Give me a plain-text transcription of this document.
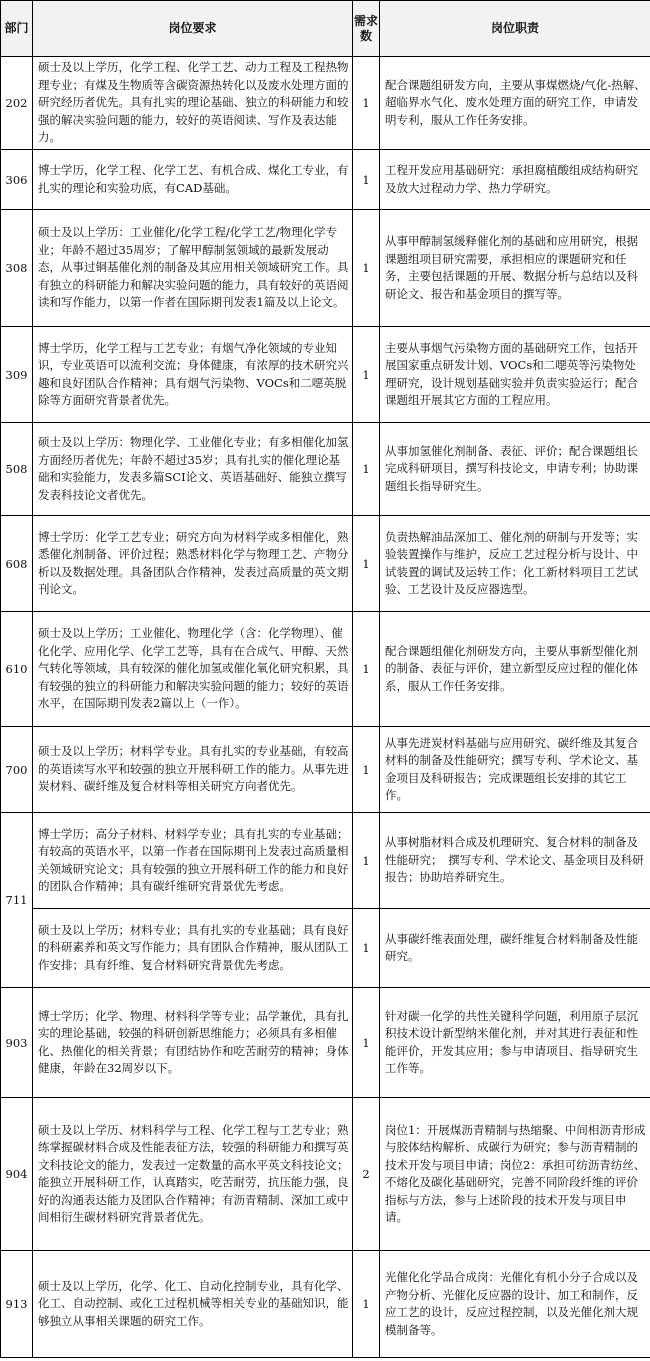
部门	岗位要求	需求数	岗位职责
202	硕士及以上学历，化学工程、化学工艺、动力工程及工程热物理专业；有煤及生物质等含碳资源热转化以及废水处理方面的研究经历者优先。具有扎实的理论基础、独立的科研能力和较强的解决实验问题的能力，较好的英语阅读、写作及表达能力。	1	配合课题组研发方向，主要从事煤燃烧/气化-热解、超临界水气化、废水处理方面的研究工作，申请发明专利，服从工作任务安排。
306	博士学历，化学工程、化学工艺、有机合成、煤化工专业，有扎实的理论和实验功底，有CAD基础。	1	工程开发应用基础研究：承担腐植酸组成结构研究及放大过程动力学、热力学研究。
308	硕士及以上学历：工业催化/化学工程/化学工艺/物理化学专业；年龄不超过35周岁；了解甲醇制氢领域的最新发展动态，从事过铜基催化剂的制备及其应用相关领域研究工作。具有独立的科研能力和解决实验问题的能力，具有较好的英语阅读和写作能力，以第一作者在国际期刊发表1篇及以上论文。	1	从事甲醇制氢缓释催化剂的基础和应用研究，根据课题组项目研究需要，承担相应的课题研究和任务，主要包括课题的开展、数据分析与总结以及科研论文、报告和基金项目的撰写等。
309	博士学历，化学工程与工艺专业；有烟气净化领域的专业知识，专业英语可以流利交流；身体健康，有浓厚的技术研究兴趣和良好团队合作精神；具有烟气污染物、VOCs和二噁英脱除等方面研究背景者优先。	1	主要从事烟气污染物方面的基础研究工作，包括开展国家重点研发计划、VOCs和二噁英等污染物处理研究，设计规划基础实验并负责实验运行；配合课题组开展其它方面的工程应用。
508	硕士及以上学历：物理化学、工业催化专业；有多相催化加氢方面经历者优先；年龄不超过35岁；具有扎实的催化理论基础和实验能力，发表多篇SCI论文、英语基础好、能独立撰写发表科技论文者优先。	1	从事加氢催化剂制备、表征、评价；配合课题组长完成科研项目，撰写科技论文，申请专利；协助课题组长指导研究生。
608	博士学历：化学工艺专业；研究方向为材料学或多相催化，熟悉催化剂制备、评价过程；熟悉材料化学与物理工艺、产物分析以及数据处理。具备团队合作精神，发表过高质量的英文期刊论文。	1	负责热解油品深加工、催化剂的研制与开发等；实验装置操作与维护，反应工艺过程分析与设计、中试装置的调试及运转工作；化工新材料项目工艺试验、工艺设计及反应器选型。
610	硕士及以上学历；工业催化、物理化学（含：化学物理）、催化化学、应用化学、化学工艺等，具有在合成气、甲醇、天然气转化等领域，具有较深的催化加氢或催化氧化研究积累，具有较强的独立的科研能力和解决实验问题的能力；较好的英语水平，在国际期刊发表2篇以上（一作）。	1	配合课题组催化剂研发方向，主要从事新型催化剂的制备、表征与评价，建立新型反应过程的催化体系，服从工作任务安排。
700	硕士及以上学历；材料学专业。具有扎实的专业基础，有较高的英语读写水平和较强的独立开展科研工作的能力。从事先进炭材料、碳纤维及复合材料等相关研究方向者优先。	1	从事先进炭材料基础与应用研究、碳纤维及其复合材料的制备及性能研究；撰写专利、学术论文、基金项目及科研报告；完成课题组长安排的其它工作。
711	博士学历；高分子材料、材料学专业；具有扎实的专业基础；有较高的英语水平，以第一作者在国际期刊上发表过高质量相关领域研究论文；具有较强的独立开展科研工作的能力和良好的团队合作精神；具有碳纤维研究背景优先考虑。	1	从事树脂材料合成及机理研究、复合材料的制备及性能研究；　撰写专利、学术论文、基金项目及科研报告；协助培养研究生。
	硕士及以上学历；材料专业；具有扎实的专业基础；具有良好的科研素养和英文写作能力；具有团队合作精神，服从团队工作安排；具有纤维、复合材料研究背景优先考虑。	1	从事碳纤维表面处理，碳纤维复合材料制备及性能研究。
903	博士学历；化学、物理、材料科学等专业；品学兼优，具有扎实的理论基础，较强的科研创新思维能力；必须具有多相催化、热催化的相关背景；有团结协作和吃苦耐劳的精神；身体健康，年龄在32周岁以下。	1	针对碳一化学的共性关键科学问题，利用原子层沉积技术设计新型纳米催化剂，并对其进行表征和性能评价，开发其应用；参与申请项目、指导研究生工作等。
904	硕士及以上学历、材料科学与工程、化学工程与工艺专业；熟练掌握碳材料合成及性能表征方法，较强的科研能力和撰写英文科技论文的能力，发表过一定数量的高水平英文科技论文；能独立开展科研工作，认真踏实，吃苦耐劳，抗压能力强，良好的沟通表达能力及团队合作精神；有沥青精制、深加工或中间相衍生碳材料研究背景者优先。	2	岗位1：开展煤沥青精制与热缩聚、中间相沥青形成与胶体结构解析、成碳行为研究；参与沥青精制的技术开发与项目申请；岗位2：承担可纺沥青纺丝、不熔化及碳化基础研究，完善不同阶段纤维的评价指标与方法，参与上述阶段的技术开发与项目申请。
913	硕士及以上学历，化学、化工、自动化控制专业，具有化学、化工、自动控制、或化工过程机械等相关专业的基础知识，能够独立从事相关课题的研究工作。	1	光催化化学品合成岗：光催化有机小分子合成以及产物分析、光催化反应器的设计、加工和制作，反应工艺的设计，反应过程控制，以及光催化剂大规模制备等。
